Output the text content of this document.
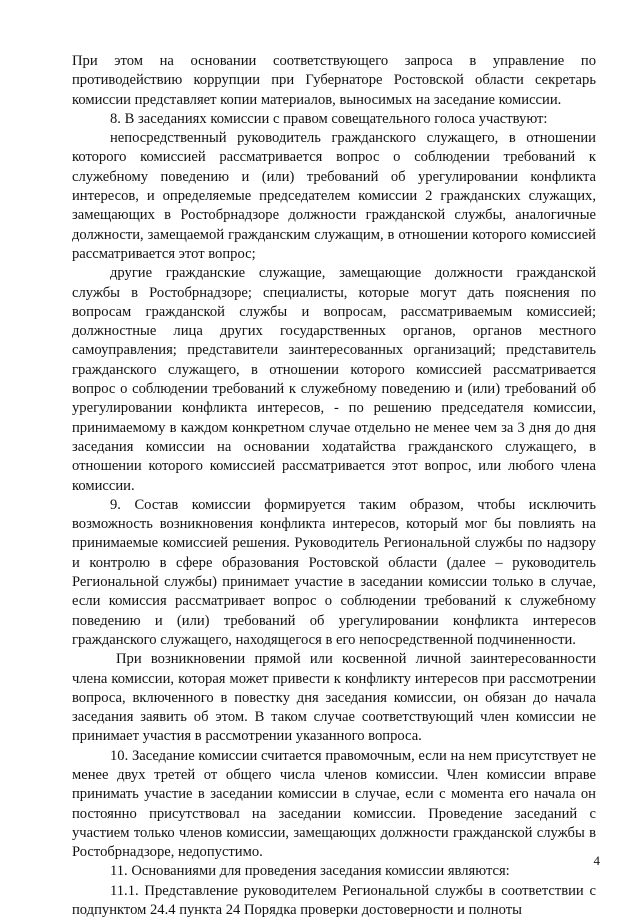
При этом на основании соответствующего запроса в управление по противодействию коррупции при Губернаторе Ростовской области секретарь комиссии представляет копии материалов, выносимых на заседание комиссии.

8. В заседаниях комиссии с правом совещательного голоса участвуют:

непосредственный руководитель гражданского служащего, в отношении которого комиссией рассматривается вопрос о соблюдении требований к служебному поведению и (или) требований об урегулировании конфликта интересов, и определяемые председателем комиссии 2 гражданских служащих, замещающих в Ростобрнадзоре должности гражданской службы, аналогичные должности, замещаемой гражданским служащим, в отношении которого комиссией рассматривается этот вопрос;

другие гражданские служащие, замещающие должности гражданской службы в Ростобрнадзоре; специалисты, которые могут дать пояснения по вопросам гражданской службы и вопросам, рассматриваемым комиссией; должностные лица других государственных органов, органов местного самоуправления; представители заинтересованных организаций; представитель гражданского служащего, в отношении которого комиссией рассматривается вопрос о соблюдении требований к служебному поведению и (или) требований об урегулировании конфликта интересов, - по решению председателя комиссии, принимаемому в каждом конкретном случае отдельно не менее чем за 3 дня до дня заседания комиссии на основании ходатайства гражданского служащего, в отношении которого комиссией рассматривается этот вопрос, или любого члена комиссии.

9. Состав комиссии формируется таким образом, чтобы исключить возможность возникновения конфликта интересов, который мог бы повлиять на принимаемые комиссией решения. Руководитель Региональной службы по надзору и контролю в сфере образования Ростовской области (далее – руководитель Региональной службы) принимает участие в заседании комиссии только в случае, если комиссия рассматривает вопрос о соблюдении требований к служебному поведению и (или) требований об урегулировании конфликта интересов гражданского служащего, находящегося в его непосредственной подчиненности.

При возникновении прямой или косвенной личной заинтересованности члена комиссии, которая может привести к конфликту интересов при рассмотрении вопроса, включенного в повестку дня заседания комиссии, он обязан до начала заседания заявить об этом. В таком случае соответствующий член комиссии не принимает участия в рассмотрении указанного вопроса.

10. Заседание комиссии считается правомочным, если на нем присутствует не менее двух третей от общего числа членов комиссии. Член комиссии вправе принимать участие в заседании комиссии в случае, если с момента его начала он постоянно присутствовал на заседании комиссии. Проведение заседаний с участием только членов комиссии, замещающих должности гражданской службы в Ростобрнадзоре, недопустимо.

11. Основаниями для проведения заседания комиссии являются:

11.1. Представление руководителем Региональной службы в соответствии с подпунктом 24.4 пункта 24 Порядка проверки достоверности и полноты

4
